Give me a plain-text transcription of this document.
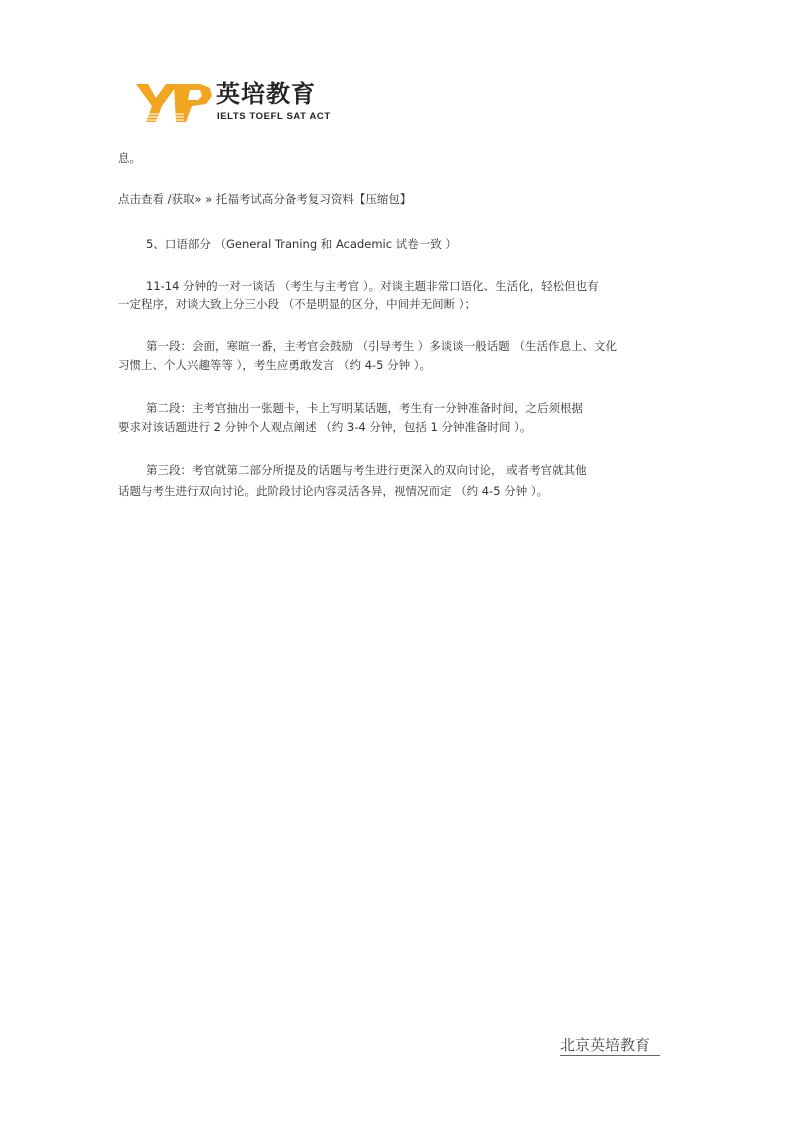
英培教育
IELTS TOEFL SAT ACT
息。
点击查看 /获取» » 托福考试高分备考复习资料【压缩包】
5、口语部分 （General Traning 和 Academic 试卷一致 ）
11-14 分钟的一对一谈话 （考生与主考官 ）。对谈主题非常口语化、生活化，轻松但也有
一定程序，对谈大致上分三小段 （不是明显的区分，中间并无间断 ）；
第一段：会面，寒暄一番，主考官会鼓励 （引导考生 ）多谈谈一般话题 （生活作息上、文化
习惯上、个人兴趣等等 ），考生应勇敢发言 （约 4-5 分钟 ）。
第二段：主考官抽出一张题卡，卡上写明某话题，考生有一分钟准备时间，之后须根据
要求对该话题进行 2 分钟个人观点阐述 （约 3-4 分钟，包括 1 分钟准备时间 ）。
第三段：考官就第二部分所提及的话题与考生进行更深入的双向讨论， 或者考官就其他
话题与考生进行双向讨论。此阶段讨论内容灵活各异，视情况而定 （约 4-5 分钟 ）。
北京英培教育
